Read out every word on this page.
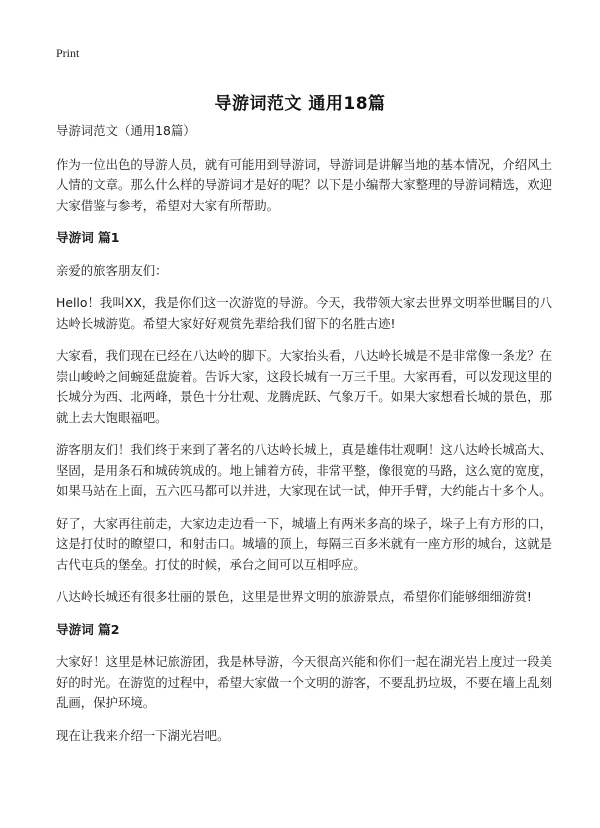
Print
导游词范文 通用18篇

导游词范文（通用18篇）

作为一位出色的导游人员，就有可能用到导游词，导游词是讲解当地的基本情况，介绍风土人情的文章。那么什么样的导游词才是好的呢？以下是小编帮大家整理的导游词精选，欢迎大家借鉴与参考，希望对大家有所帮助。

导游词 篇1

亲爱的旅客朋友们：

Hello！我叫XX，我是你们这一次游览的导游。今天，我带领大家去世界文明举世瞩目的八达岭长城游览。希望大家好好观赏先辈给我们留下的名胜古迹!

大家看，我们现在已经在八达岭的脚下。大家抬头看，八达岭长城是不是非常像一条龙？在崇山峻岭之间蜿延盘旋着。告诉大家，这段长城有一万三千里。大家再看，可以发现这里的长城分为西、北两峰，景色十分壮观、龙腾虎跃、气象万千。如果大家想看长城的景色，那就上去大饱眼福吧。

游客朋友们！我们终于来到了著名的八达岭长城上，真是雄伟壮观啊！这八达岭长城高大、坚固，是用条石和城砖筑成的。地上铺着方砖，非常平整，像很宽的马路，这么宽的宽度，如果马站在上面，五六匹马都可以并进，大家现在试一试，伸开手臂，大约能占十多个人。

好了，大家再往前走，大家边走边看一下，城墙上有两米多高的垛子，垛子上有方形的口，这是打仗时的瞭望口，和射击口。城墙的顶上，每隔三百多米就有一座方形的城台，这就是古代屯兵的堡垒。打仗的时候，承台之间可以互相呼应。

八达岭长城还有很多壮丽的景色，这里是世界文明的旅游景点，希望你们能够细细游赏!

导游词 篇2

大家好！这里是林记旅游团，我是林导游，今天很高兴能和你们一起在湖光岩上度过一段美好的时光。在游览的过程中，希望大家做一个文明的游客，不要乱扔垃圾，不要在墙上乱刻乱画，保护环境。

现在让我来介绍一下湖光岩吧。
